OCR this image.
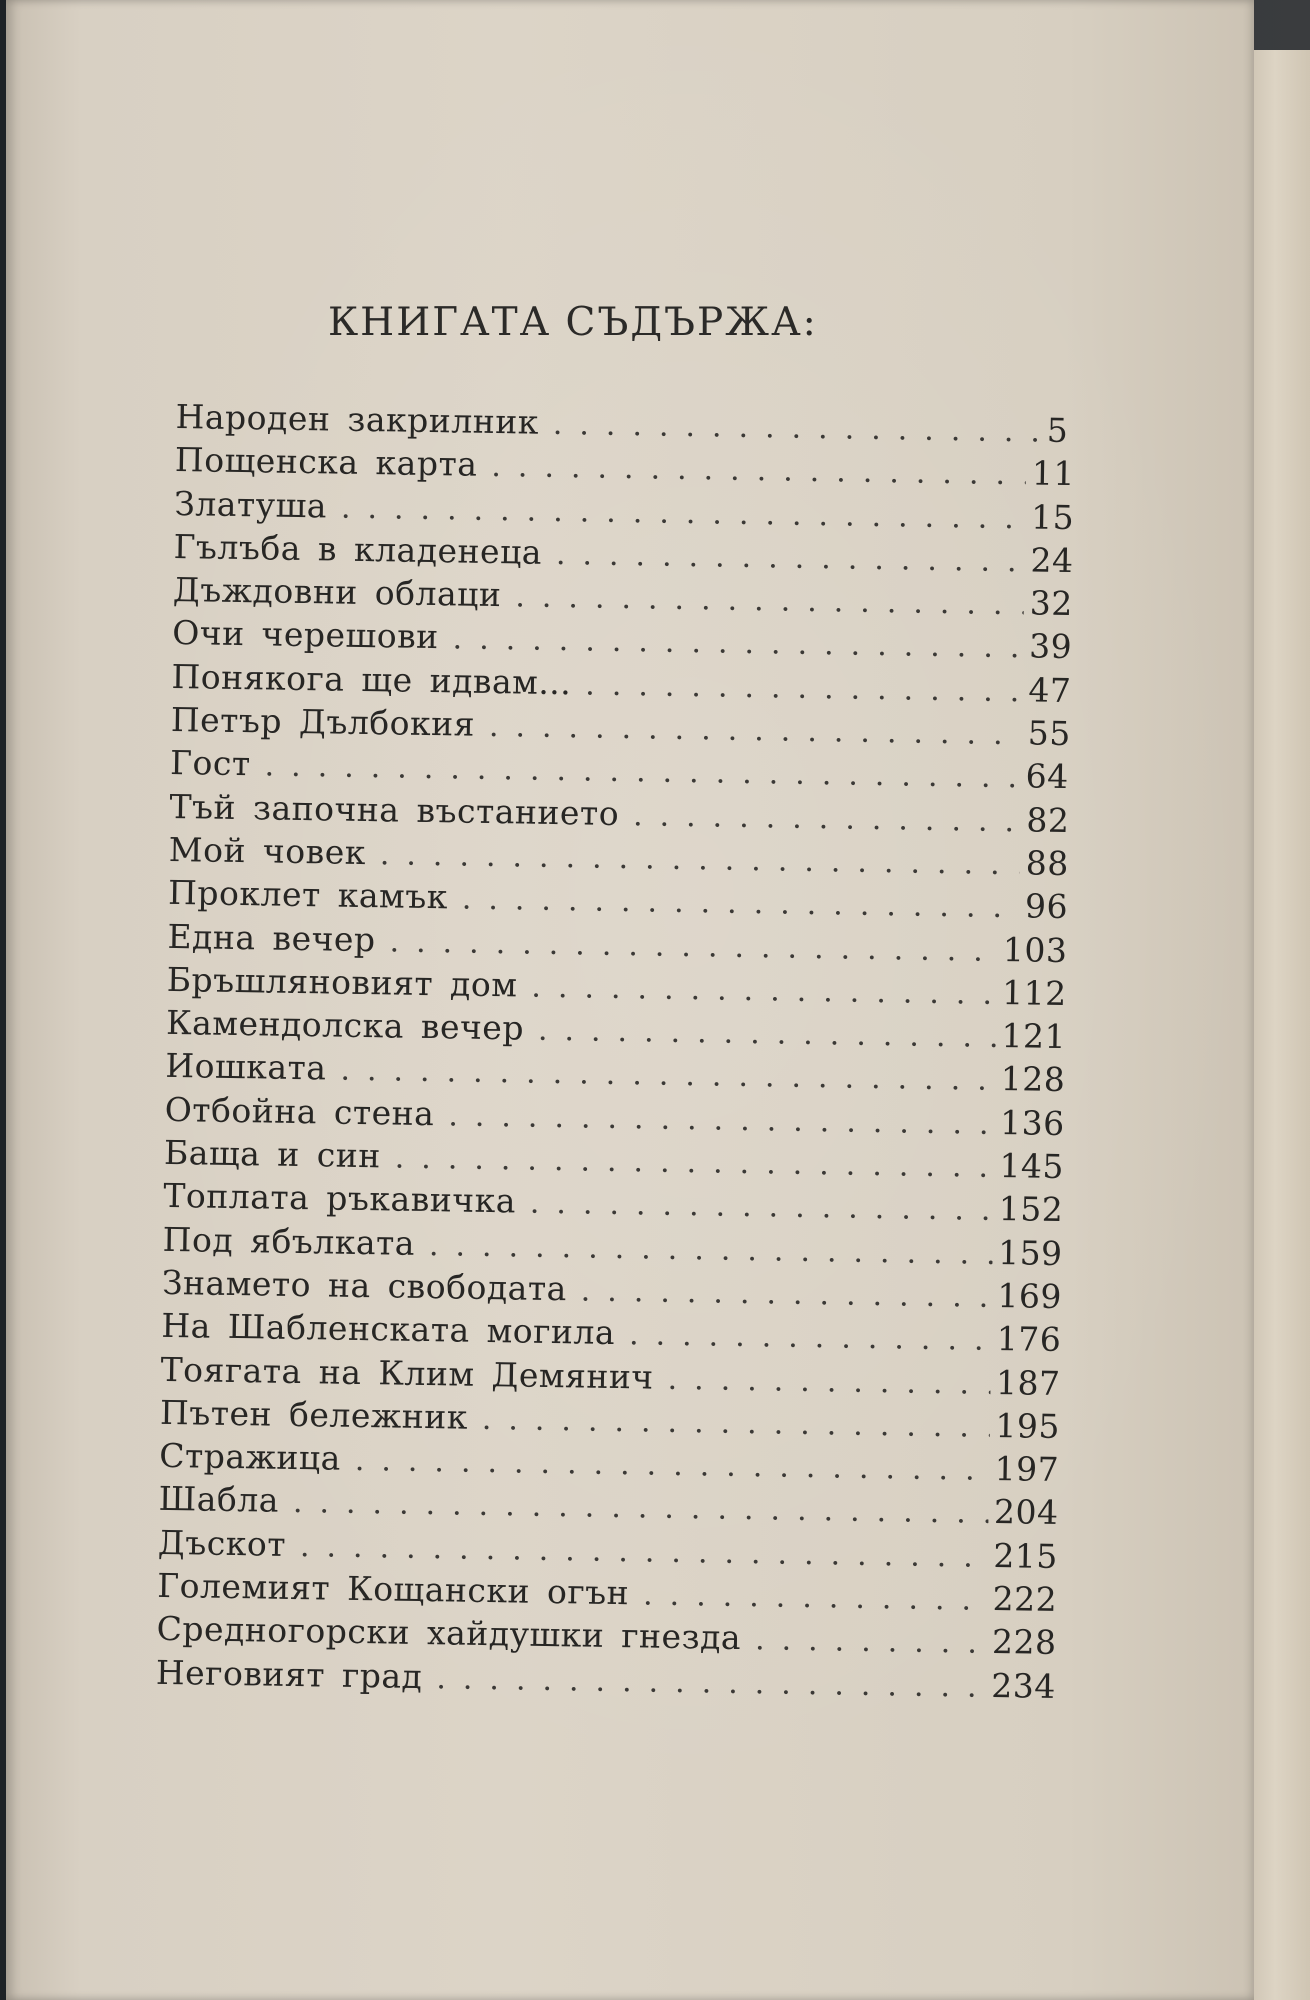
КНИГАТА СЪДЪРЖА:
Народен закрилник .....	5
Пощенска карта .....	11
Златуша .....	15
Гълъба в кладенеца .....	24
Дъждовни облаци .....	32
Очи черешови .....	39
Понякога ще идвам... .....	47
Петър Дълбокия .....	55
Гост .....	64
Тъй започна въстанието .....	82
Мой човек .....	88
Проклет камък .....	96
Една вечер .....	103
Бръшляновият дом .....	112
Камендолска вечер .....	121
Иошката .....	128
Отбойна стена .....	136
Баща и син .....	145
Топлата ръкавичка .....	152
Под ябълката .....	159
Знамето на свободата .....	169
На Шабленската могила .....	176
Тоягата на Клим Демянич .....	187
Пътен бележник .....	195
Стражица .....	197
Шабла .....	204
Дъскот .....	215
Големият Кощански огън .....	222
Средногорски хайдушки гнезда .....	228
Неговият град .....	234
